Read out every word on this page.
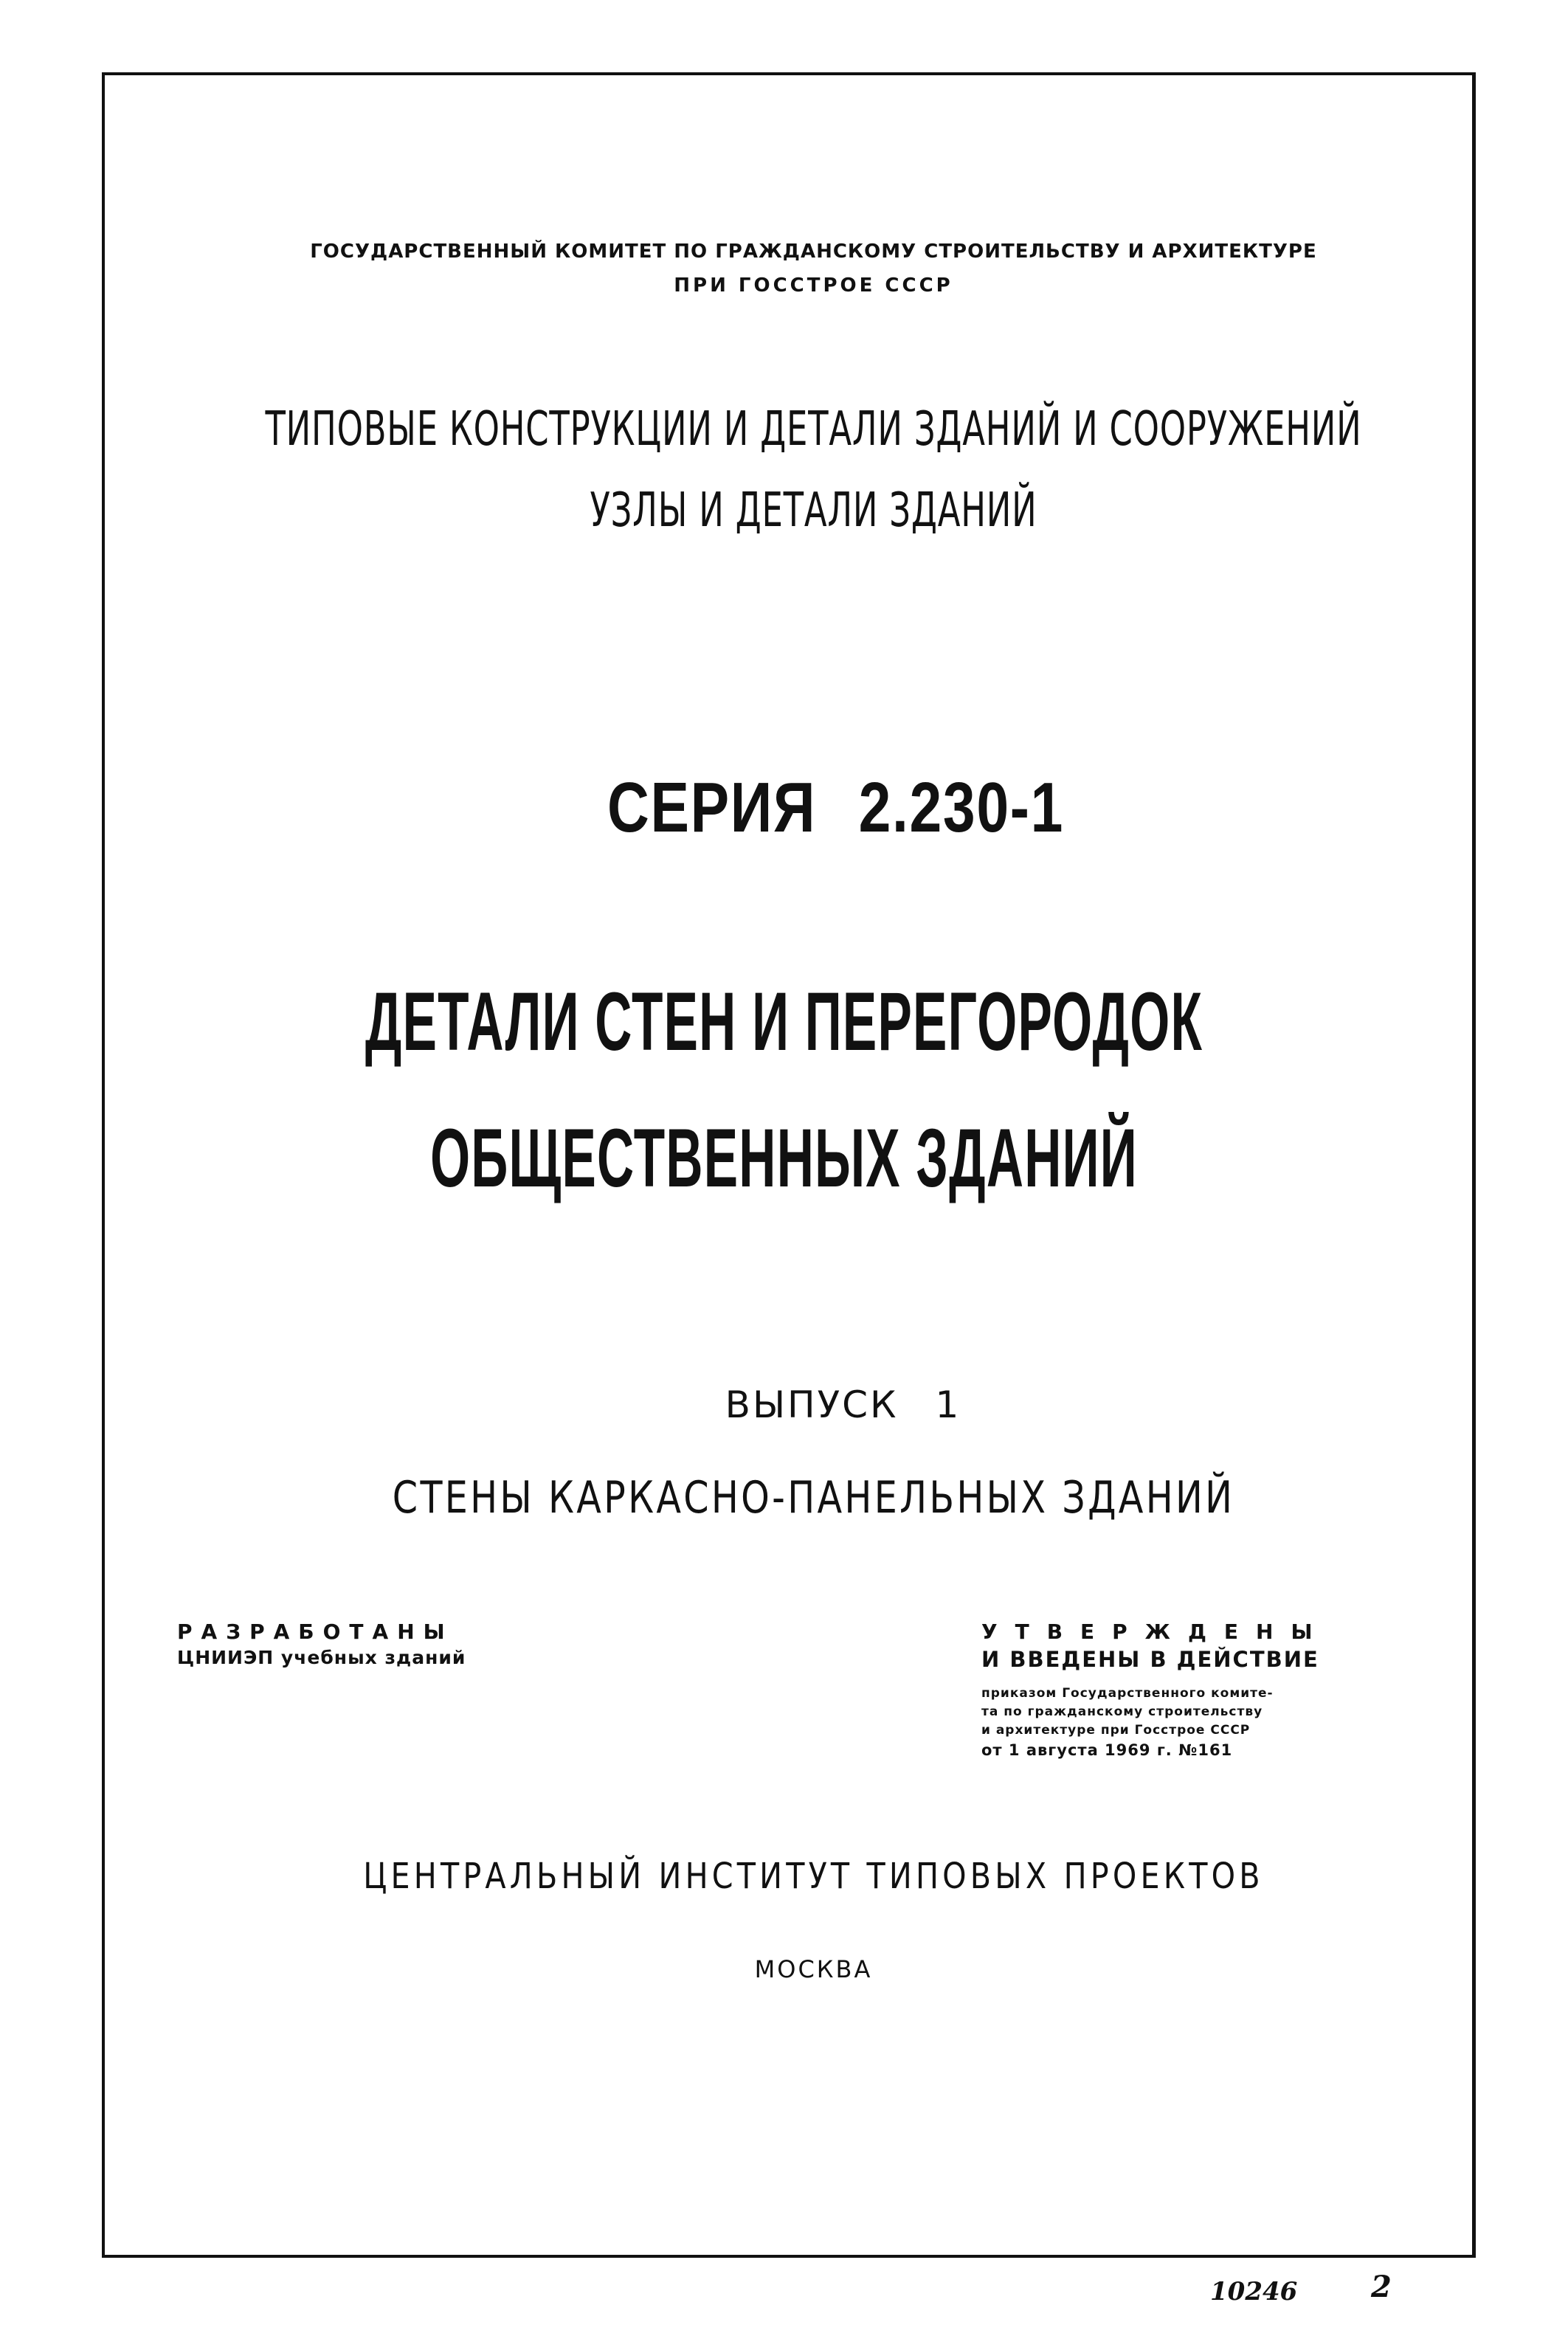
ГОСУДАРСТВЕННЫЙ КОМИТЕТ ПО ГРАЖДАНСКОМУ СТРОИТЕЛЬСТВУ И АРХИТЕКТУРЕ

ПРИ ГОССТРОЕ СССР

ТИПОВЫЕ КОНСТРУКЦИИ И ДЕТАЛИ ЗДАНИЙ И СООРУЖЕНИЙ

УЗЛЫ И ДЕТАЛИ ЗДАНИЙ

СЕРИЯ 2.230-1

ДЕТАЛИ СТЕН И ПЕРЕГОРОДОК

ОБЩЕСТВЕННЫХ ЗДАНИЙ

ВЫПУСК 1

СТЕНЫ КАРКАСНО-ПАНЕЛЬНЫХ ЗДАНИЙ

РАЗРАБОТАНЫ
ЦНИИЭП учебных зданий
УТВЕРЖДЕНЫ
И ВВЕДЕНЫ В ДЕЙСТВИЕ
приказом Государственного комите-
та по гражданскому строительству
и архитектуре при Госстрое СССР
от 1 августа 1969 г. №161

ЦЕНТРАЛЬНЫЙ ИНСТИТУТ ТИПОВЫХ ПРОЕКТОВ

МОСКВА

10246 2
